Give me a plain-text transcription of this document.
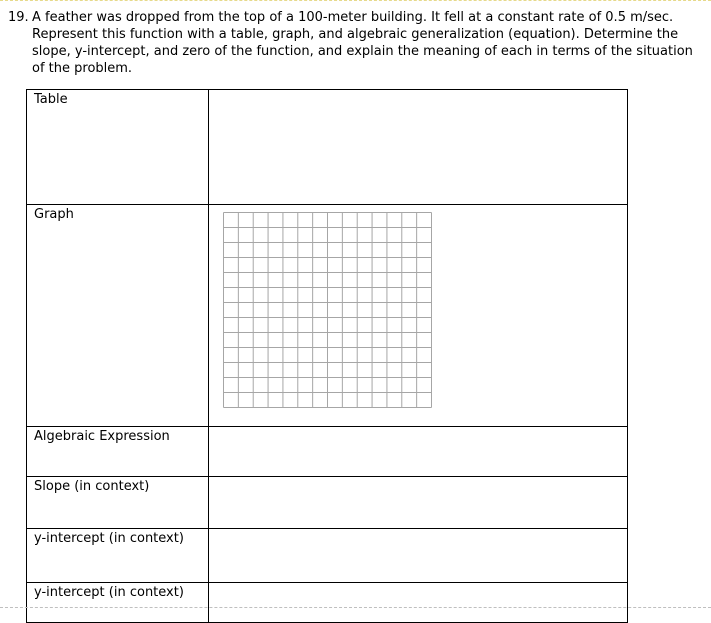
19. A feather was dropped from the top of a 100-meter building. It fell at a constant rate of 0.5 m/sec. Represent this function with a table, graph, and algebraic generalization (equation). Determine the slope, y-intercept, and zero of the function, and explain the meaning of each in terms of the situation of the problem.
Table	

Graph

Algebraic Expression	

Slope (in context)	

y-intercept (in context)	

y-intercept (in context)	
